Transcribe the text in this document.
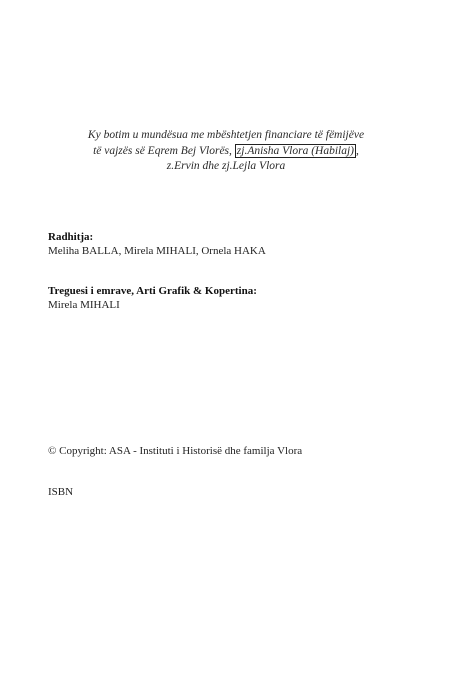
Ky botim u mundësua me mbështetjen financiare të fëmijëve
të vajzës së Eqrem Bej Vlorës, zj.Anisha Vlora (Habilaj) ,
z.Ervin dhe zj.Lejla Vlora
Radhitja:
Meliha BALLA, Mirela MIHALI, Ornela HAKA
Treguesi i emrave, Arti Grafik & Kopertina:
Mirela MIHALI
© Copyright: ASA - Instituti i Historisë dhe familja Vlora
ISBN
